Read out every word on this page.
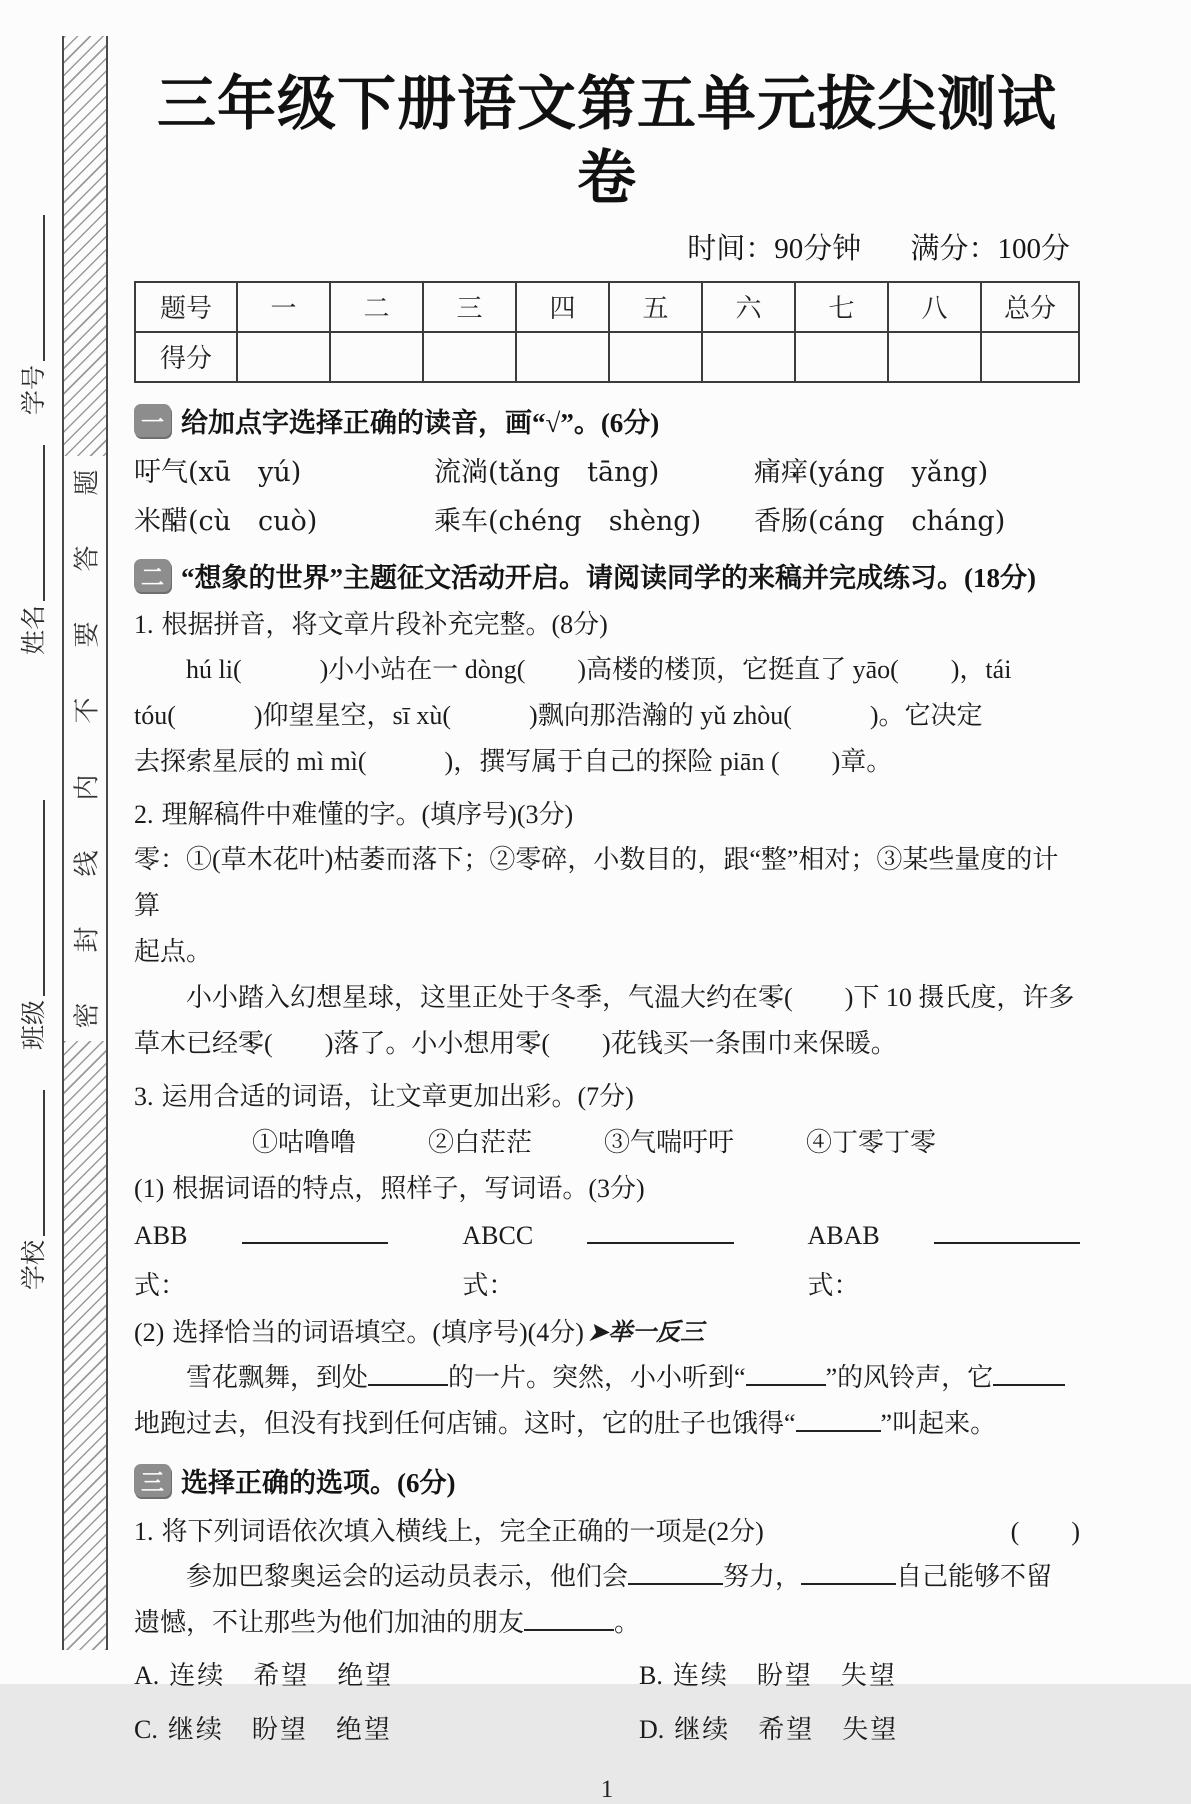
学号
姓名
班级
学校
题
答
要
不
内
线
封
密
三年级下册语文第五单元拔尖测试卷
时间：90分钟 满分：100分
题号	一	二	三	四	五	六	七	八	总分
得分									
一 给加点字选择正确的读音，画“√”。(6分)
吁 •气(xū　yú)	流淌 •(tǎng　tāng)	痛痒 •(yáng　yǎng)
米醋 •(cù　cuò)	乘 •车(chéng　shèng)	香肠 •(cáng　cháng)
二 “想象的世界”主题征文活动开启。请阅读同学的来稿并完成练习。(18分)
1. 根据拼音，将文章片段补充完整。(8分)
　　hú li(　　　)小小站在一 dòng(　　)高楼的楼顶，它挺直了 yāo(　　)，tái
tóu(　　　)仰望星空，sī xù(　　　)飘向那浩瀚的 yǔ zhòu(　　　)。它决定
去探索星辰的 mì mì(　　　)，撰写属于自己的探险 piān (　　)章。
2. 理解稿件中难懂的字。(填序号)(3分)
零：①(草木花叶)枯萎而落下；②零碎，小数目的，跟“整”相对；③某些量度的计算
起点。
　　小小踏入幻想星球，这里正处于冬季，气温大约在零 •(　　)下 10 摄氏度，许多
草木已经零 •(　　)落了。小小想用零 •(　　)花钱买一条围巾来保暖。
3. 运用合适的词语，让文章更加出彩。(7分)
①咕噜噜	②白茫茫	③气喘吁吁	④丁零丁零
(1) 根据词语的特点，照样子，写词语。(3分)
ABB 式：
ABCC 式：
ABAB 式：
(2) 选择恰当的词语填空。(填序号)(4分) ➤举一反三
　　雪花飘舞，到处	的一片。突然，小小听到“	”的风铃声，它
地跑过去，但没有找到任何店铺。这时，它的肚子也饿得“	”叫起来。
三 选择正确的选项。(6分)
1. 将下列词语依次填入横线上，完全正确的一项是(2分)	(　　)
　　参加巴黎奥运会的运动员表示，他们会	努力，	自己能够不留
遗憾，不让那些为他们加油的朋友	。
A. 连续　希望　绝望	B. 连续　盼望　失望
C. 继续　盼望　绝望	D. 继续　希望　失望
1
